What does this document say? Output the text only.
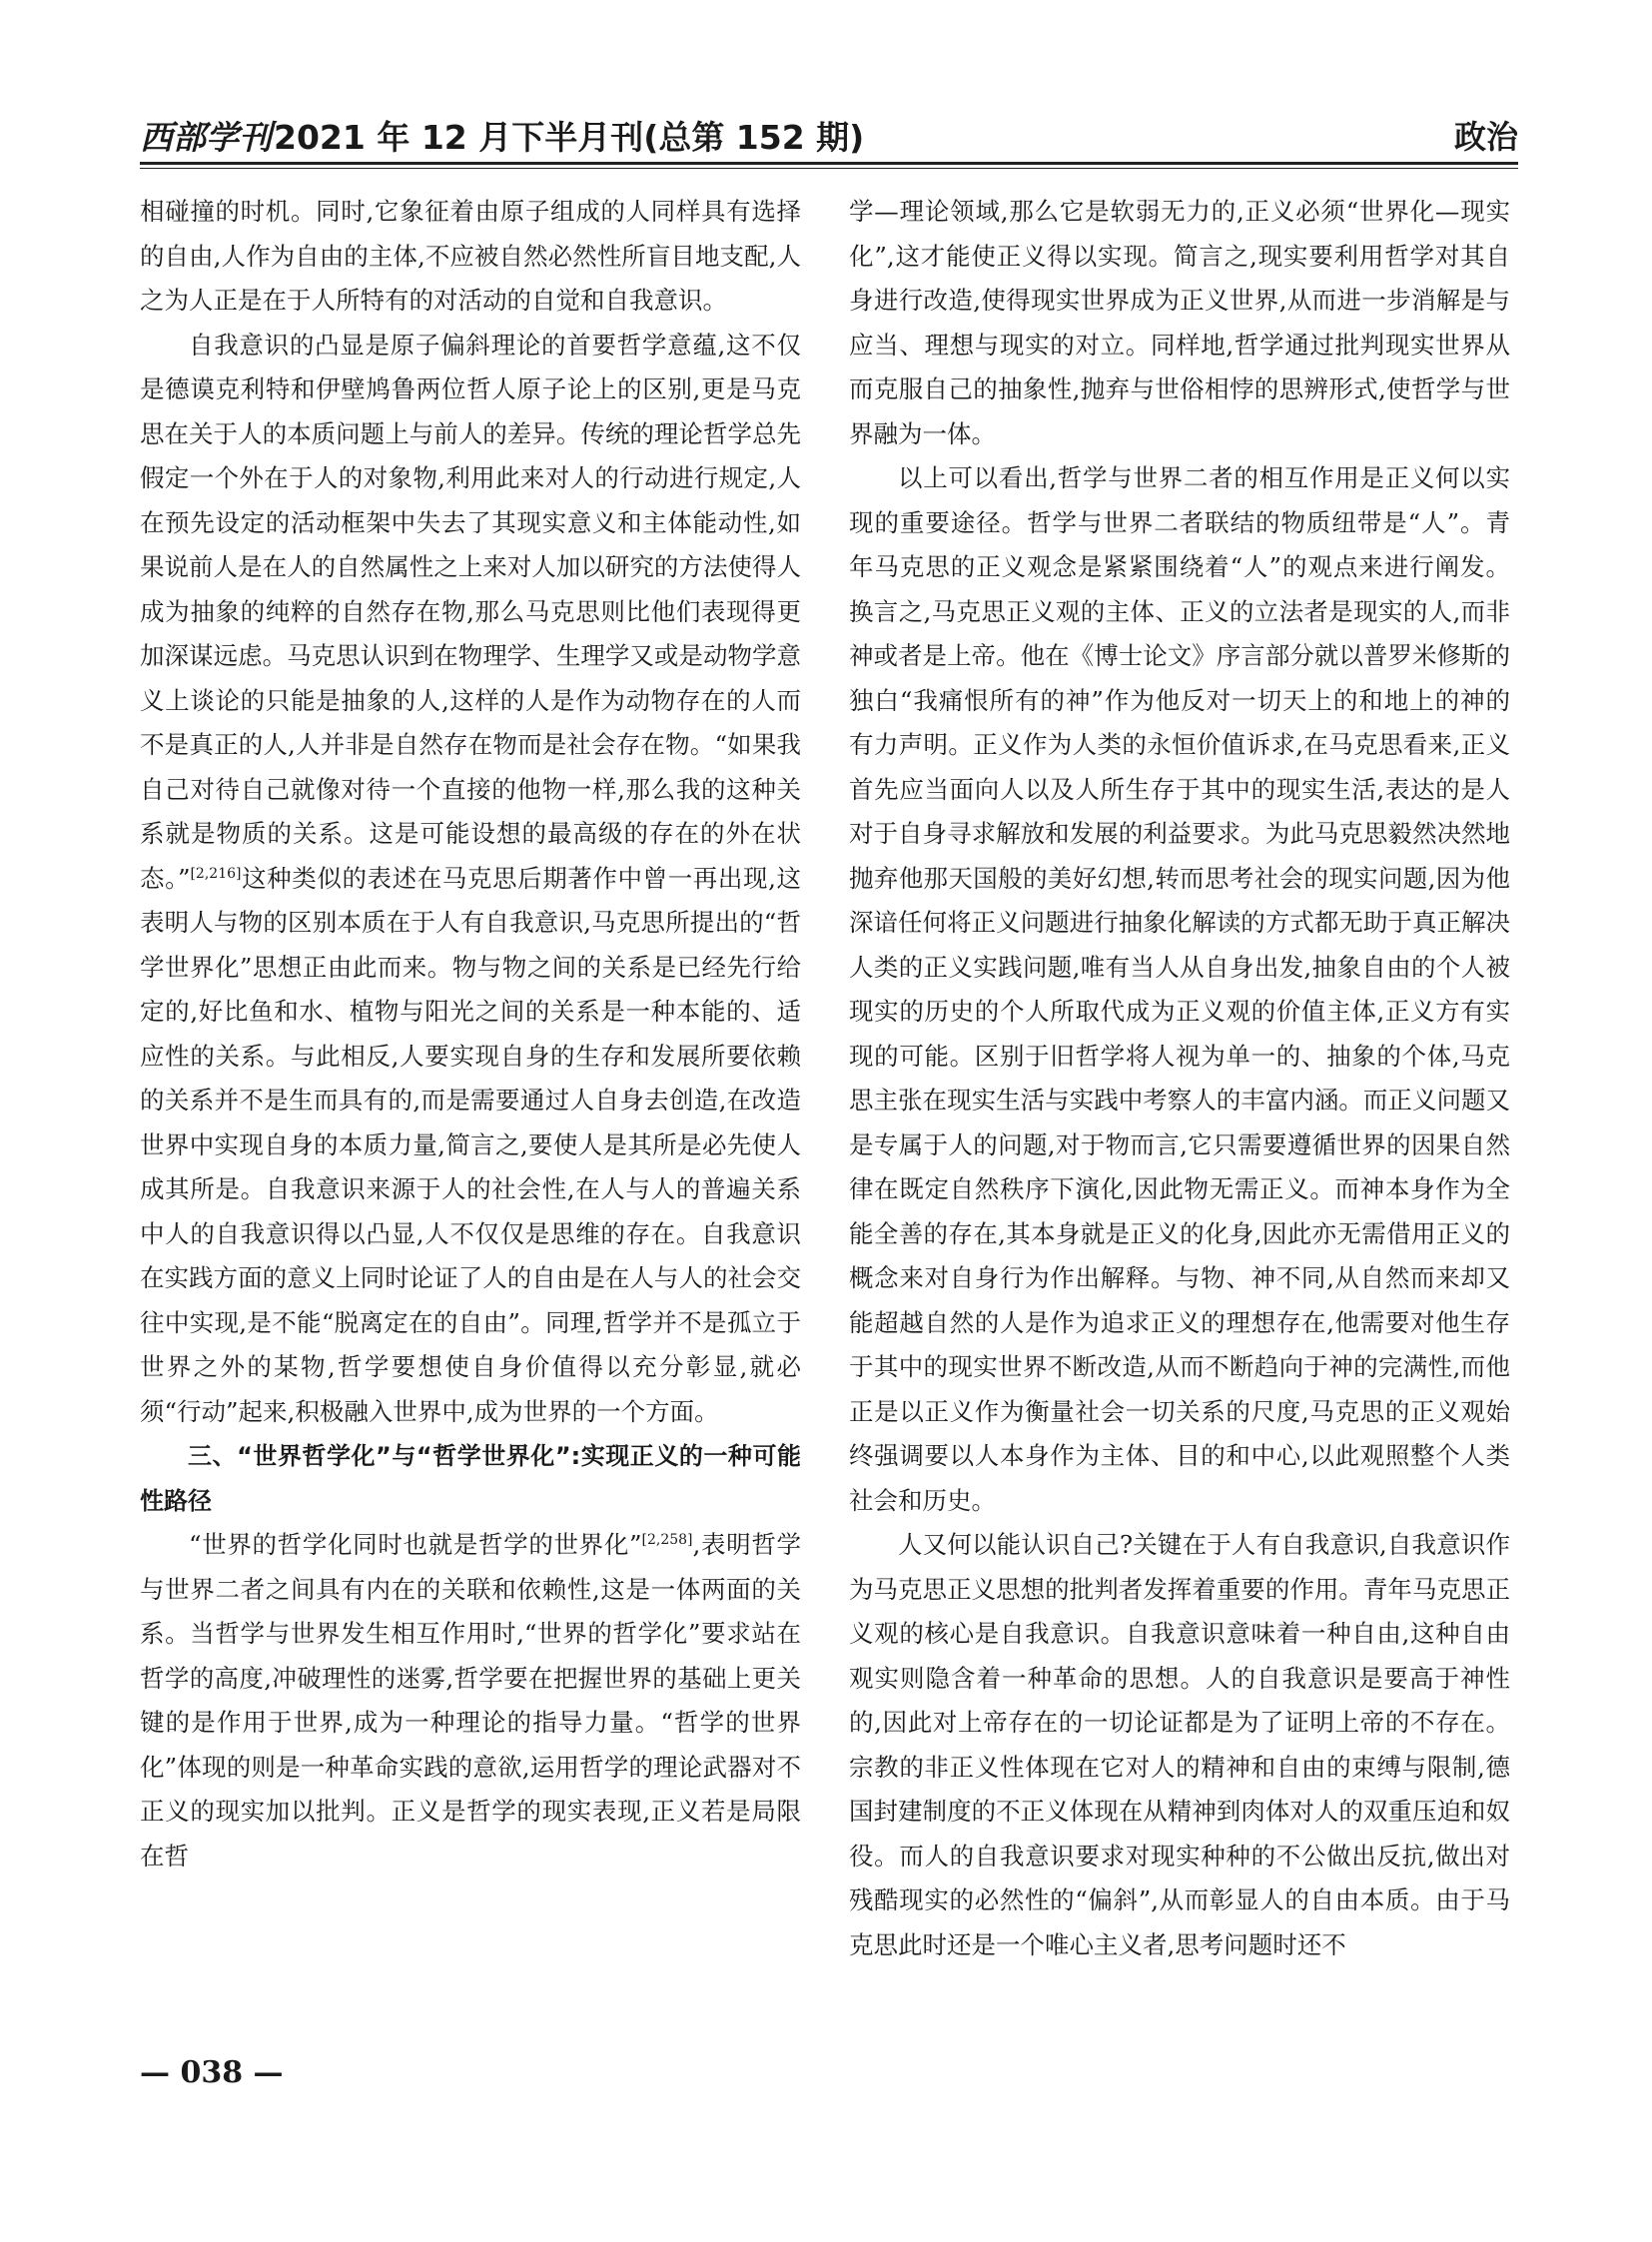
西部学刊2021 年 12 月下半月刊(总第 152 期)	政治

相碰撞的时机。同时,它象征着由原子组成的人同样具有选择的自由,人作为自由的主体,不应被自然必然性所盲目地支配,人之为人正是在于人所特有的对活动的自觉和自我意识。

自我意识的凸显是原子偏斜理论的首要哲学意蕴,这不仅是德谟克利特和伊壁鸠鲁两位哲人原子论上的区别,更是马克思在关于人的本质问题上与前人的差异。传统的理论哲学总先假定一个外在于人的对象物,利用此来对人的行动进行规定,人在预先设定的活动框架中失去了其现实意义和主体能动性,如果说前人是在人的自然属性之上来对人加以研究的方法使得人成为抽象的纯粹的自然存在物,那么马克思则比他们表现得更加深谋远虑。马克思认识到在物理学、生理学又或是动物学意义上谈论的只能是抽象的人,这样的人是作为动物存在的人而不是真正的人,人并非是自然存在物而是社会存在物。“如果我自己对待自己就像对待一个直接的他物一样,那么我的这种关系就是物质的关系。这是可能设想的最高级的存在的外在状态。”[2,216]这种类似的表述在马克思后期著作中曾一再出现,这表明人与物的区别本质在于人有自我意识,马克思所提出的“哲学世界化”思想正由此而来。物与物之间的关系是已经先行给定的,好比鱼和水、植物与阳光之间的关系是一种本能的、适应性的关系。与此相反,人要实现自身的生存和发展所要依赖的关系并不是生而具有的,而是需要通过人自身去创造,在改造世界中实现自身的本质力量,简言之,要使人是其所是必先使人成其所是。自我意识来源于人的社会性,在人与人的普遍关系中人的自我意识得以凸显,人不仅仅是思维的存在。自我意识在实践方面的意义上同时论证了人的自由是在人与人的社会交往中实现,是不能“脱离定在的自由”。同理,哲学并不是孤立于世界之外的某物,哲学要想使自身价值得以充分彰显,就必须“行动”起来,积极融入世界中,成为世界的一个方面。

三、“世界哲学化”与“哲学世界化”:实现正义的一种可能性路径

“世界的哲学化同时也就是哲学的世界化”[2,258],表明哲学与世界二者之间具有内在的关联和依赖性,这是一体两面的关系。当哲学与世界发生相互作用时,“世界的哲学化”要求站在哲学的高度,冲破理性的迷雾,哲学要在把握世界的基础上更关键的是作用于世界,成为一种理论的指导力量。“哲学的世界化”体现的则是一种革命实践的意欲,运用哲学的理论武器对不正义的现实加以批判。正义是哲学的现实表现,正义若是局限在哲

学—理论领域,那么它是软弱无力的,正义必须“世界化—现实化”,这才能使正义得以实现。简言之,现实要利用哲学对其自身进行改造,使得现实世界成为正义世界,从而进一步消解是与应当、理想与现实的对立。同样地,哲学通过批判现实世界从而克服自己的抽象性,抛弃与世俗相悖的思辨形式,使哲学与世界融为一体。

以上可以看出,哲学与世界二者的相互作用是正义何以实现的重要途径。哲学与世界二者联结的物质纽带是“人”。青年马克思的正义观念是紧紧围绕着“人”的观点来进行阐发。换言之,马克思正义观的主体、正义的立法者是现实的人,而非神或者是上帝。他在《博士论文》序言部分就以普罗米修斯的独白“我痛恨所有的神”作为他反对一切天上的和地上的神的有力声明。正义作为人类的永恒价值诉求,在马克思看来,正义首先应当面向人以及人所生存于其中的现实生活,表达的是人对于自身寻求解放和发展的利益要求。为此马克思毅然决然地抛弃他那天国般的美好幻想,转而思考社会的现实问题,因为他深谙任何将正义问题进行抽象化解读的方式都无助于真正解决人类的正义实践问题,唯有当人从自身出发,抽象自由的个人被现实的历史的个人所取代成为正义观的价值主体,正义方有实现的可能。区别于旧哲学将人视为单一的、抽象的个体,马克思主张在现实生活与实践中考察人的丰富内涵。而正义问题又是专属于人的问题,对于物而言,它只需要遵循世界的因果自然律在既定自然秩序下演化,因此物无需正义。而神本身作为全能全善的存在,其本身就是正义的化身,因此亦无需借用正义的概念来对自身行为作出解释。与物、神不同,从自然而来却又能超越自然的人是作为追求正义的理想存在,他需要对他生存于其中的现实世界不断改造,从而不断趋向于神的完满性,而他正是以正义作为衡量社会一切关系的尺度,马克思的正义观始终强调要以人本身作为主体、目的和中心,以此观照整个人类社会和历史。

人又何以能认识自己?关键在于人有自我意识,自我意识作为马克思正义思想的批判者发挥着重要的作用。青年马克思正义观的核心是自我意识。自我意识意味着一种自由,这种自由观实则隐含着一种革命的思想。人的自我意识是要高于神性的,因此对上帝存在的一切论证都是为了证明上帝的不存在。宗教的非正义性体现在它对人的精神和自由的束缚与限制,德国封建制度的不正义体现在从精神到肉体对人的双重压迫和奴役。而人的自我意识要求对现实种种的不公做出反抗,做出对残酷现实的必然性的“偏斜”,从而彰显人的自由本质。由于马克思此时还是一个唯心主义者,思考问题时还不

— 038 —
